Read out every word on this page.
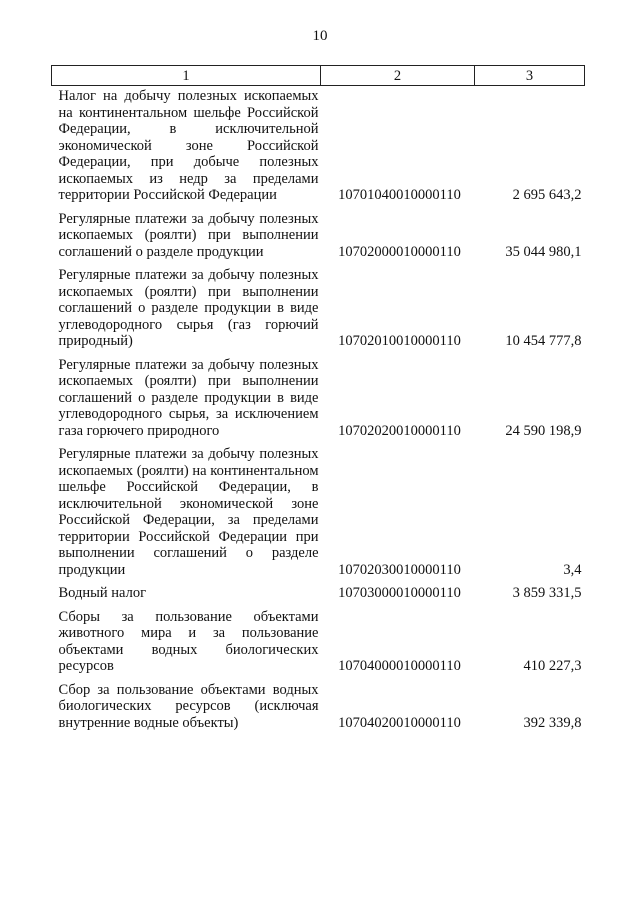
10
1	2	3

Налог на добычу полезных ископаемых на континентальном шельфе Российской Федерации, в исключительной экономической зоне Российской Федерации, при добыче полезных ископаемых из недр за пределами территории Российской Федерации	10701040010000110	2 695 643,2

Регулярные платежи за добычу полезных ископаемых (роялти) при выполнении соглашений о разделе продукции	10702000010000110	35 044 980,1

Регулярные платежи за добычу полезных ископаемых (роялти) при выполнении соглашений о разделе продукции в виде углеводородного сырья (газ горючий природный)	10702010010000110	10 454 777,8

Регулярные платежи за добычу полезных ископаемых (роялти) при выполнении соглашений о разделе продукции в виде углеводородного сырья, за исключением газа горючего природного	10702020010000110	24 590 198,9

Регулярные платежи за добычу полезных ископаемых (роялти) на континентальном шельфе Российской Федерации, в исключительной экономической зоне Российской Федерации, за пределами территории Российской Федерации при выполнении соглашений о разделе продукции	10702030010000110	3,4

Водный налог	10703000010000110	3 859 331,5

Сборы за пользование объектами животного мира и за пользование объектами водных биологических ресурсов	10704000010000110	410 227,3

Сбор за пользование объектами водных биологических ресурсов (исключая внутренние водные объекты)	10704020010000110	392 339,8
